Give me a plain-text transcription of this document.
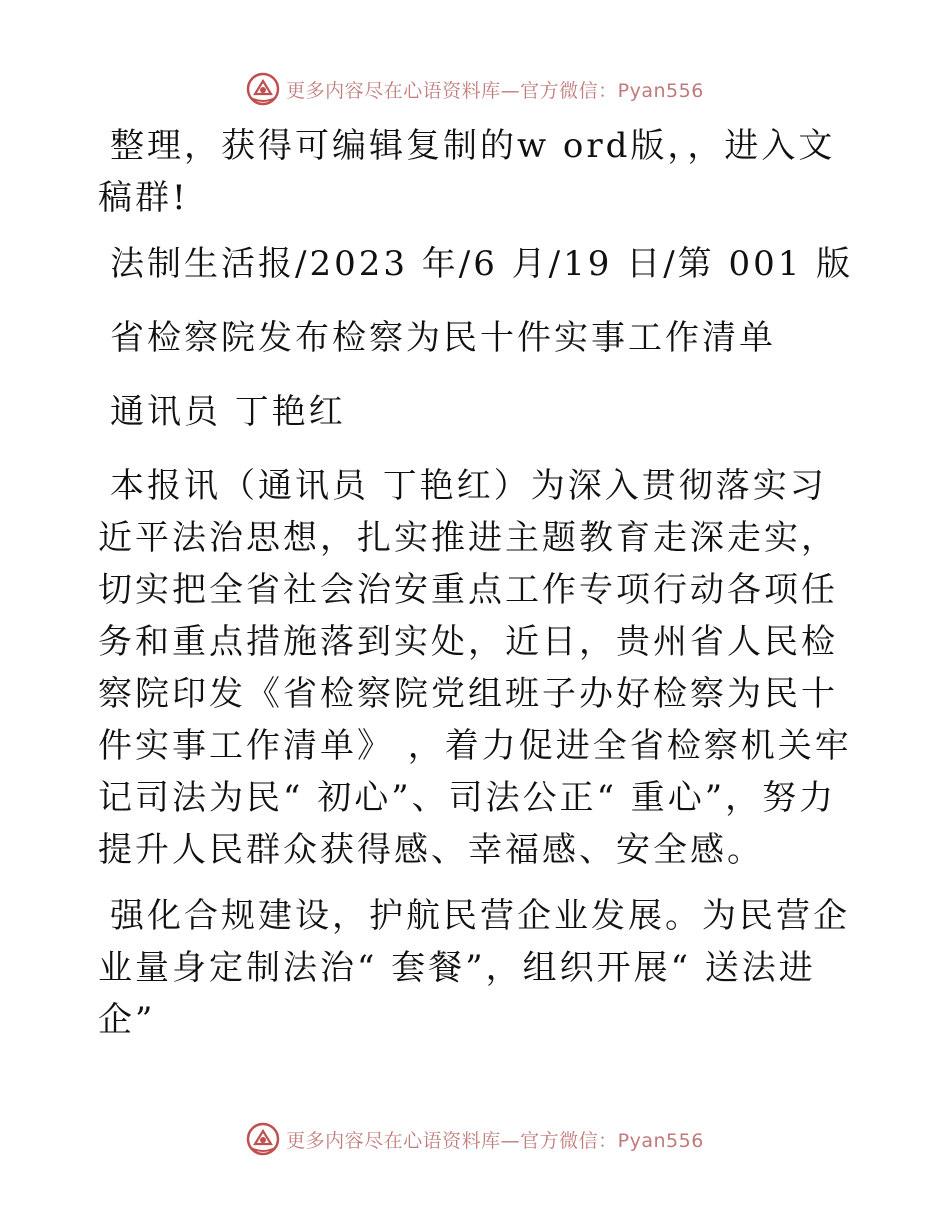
更多内容尽在心语资料库—官方微信：Pyan556

整理，获得可编辑复制的w ord版，，进入文稿群!

法制生活报/2023 年/6 月/19 日/第 001 版

省检察院发布检察为民十件实事工作清单

通讯员 丁艳红

本报讯（通讯员 丁艳红）为深入贯彻落实习近平法治思想，扎实推进主题教育走深走实，切实把全省社会治安重点工作专项行动各项任务和重点措施落到实处，近日，贵州省人民检察院印发《省检察院党组班子办好检察为民十件实事工作清单》 ，着力促进全省检察机关牢记司法为民“ 初心”、司法公正“ 重心”，努力提升人民群众获得感、幸福感、安全感。

强化合规建设，护航民营企业发展。为民营企业量身定制法治“ 套餐”，组织开展“ 送法进企”

更多内容尽在心语资料库—官方微信：Pyan556
